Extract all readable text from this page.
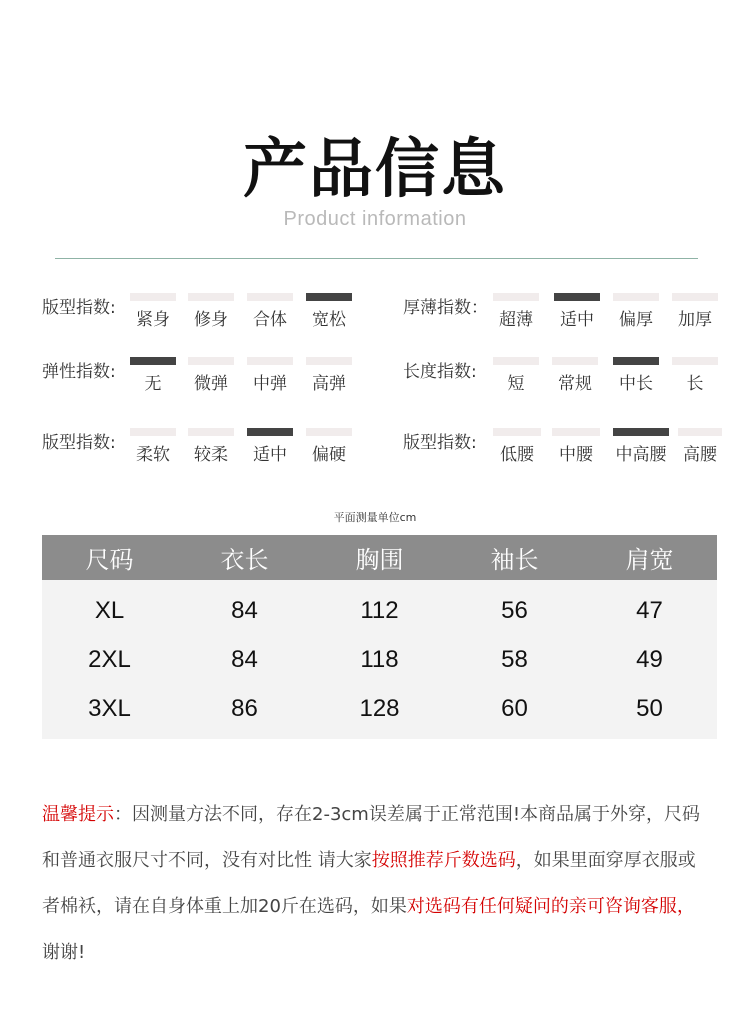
产品信息
Product information
版型指数:
紧身	修身	合体	宽松
厚薄指数：
超薄	适中	偏厚	加厚
弹性指数:
无	微弹	中弹	高弹
长度指数:
短	常规	中长	长
版型指数:
柔软	较柔	适中	偏硬
版型指数:
低腰	中腰	中高腰 高腰
平面测量单位cm
尺码	衣长	胸围	袖长	肩宽
XL	84	112	56	47
2XL	84	118	58	49
3XL	86	128	60	50
温馨提示：因测量方法不同，存在2-3cm误差属于正常范围!本商品属于外穿，尺码和普通衣服尺寸不同，没有对比性 请大家按照推荐斤数选码，如果里面穿厚衣服或者棉袄，请在自身体重上加20斤在选码，如果对选码有任何疑问的亲可咨询客服，谢谢!
